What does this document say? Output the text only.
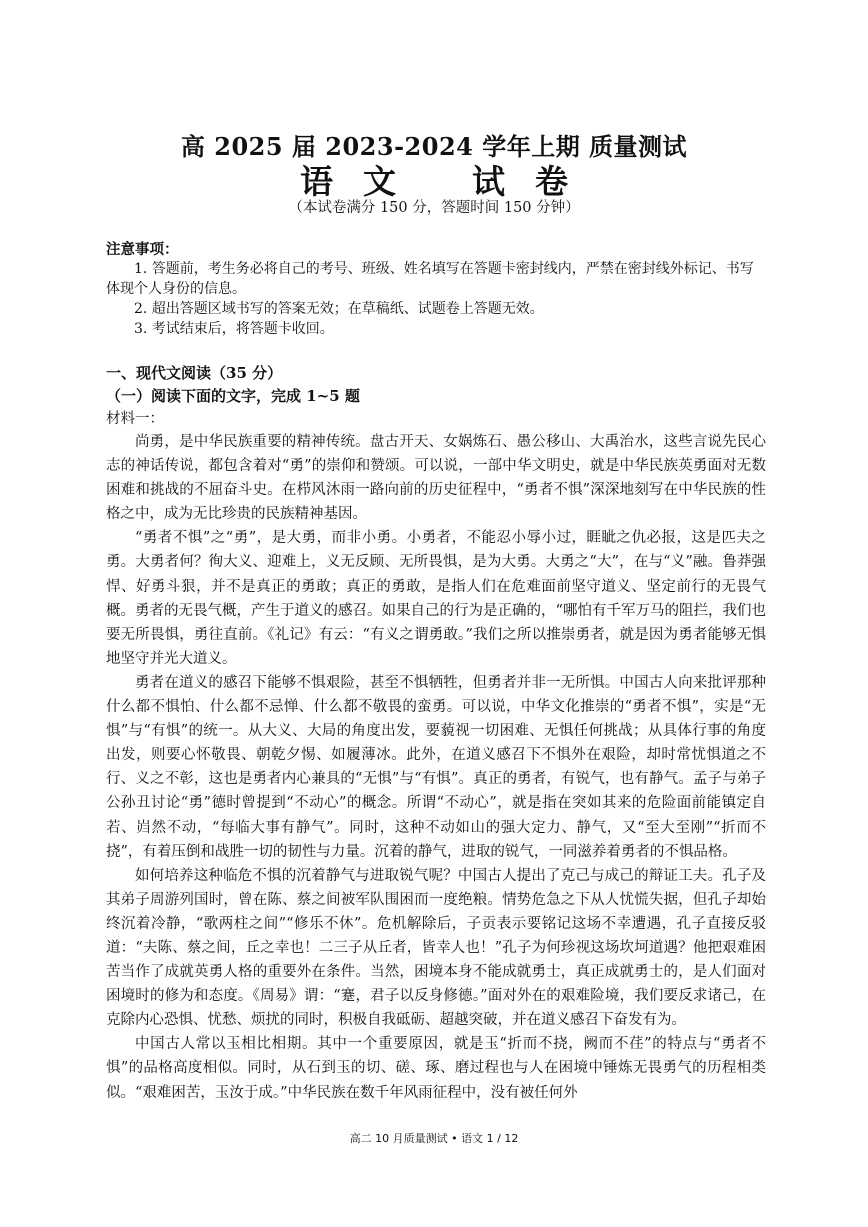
高 2025 届 2023-2024 学年上期 质量测试
语 文 试 卷
（本试卷满分 150 分，答题时间 150 分钟）
注意事项：
1. 答题前，考生务必将自己的考号、班级、姓名填写在答题卡密封线内，严禁在密封线外标记、书写体现个人身份的信息。
2. 超出答题区域书写的答案无效；在草稿纸、试题卷上答题无效。
3. 考试结束后，将答题卡收回。
一、现代文阅读（35 分）
（一）阅读下面的文字，完成 1~5 题
材料一：

尚勇，是中华民族重要的精神传统。盘古开天、女娲炼石、愚公移山、大禹治水，这些言说先民心志的神话传说，都包含着对“勇”的崇仰和赞颂。可以说，一部中华文明史，就是中华民族英勇面对无数困难和挑战的不屈奋斗史。在栉风沐雨一路向前的历史征程中，“勇者不惧”深深地刻写在中华民族的性格之中，成为无比珍贵的民族精神基因。

“勇者不惧”之“勇”，是大勇，而非小勇。小勇者，不能忍小辱小过，睚眦之仇必报，这是匹夫之勇。大勇者何？徇大义、迎难上，义无反顾、无所畏惧，是为大勇。大勇之“大”，在与“义”融。鲁莽强悍、好勇斗狠，并不是真正的勇敢；真正的勇敢，是指人们在危难面前坚守道义、坚定前行的无畏气概。勇者的无畏气概，产生于道义的感召。如果自己的行为是正确的，“哪怕有千军万马的阻拦，我们也要无所畏惧，勇往直前。《礼记》有云：“有义之谓勇敢。”我们之所以推崇勇者，就是因为勇者能够无惧地坚守并光大道义。

勇者在道义的感召下能够不惧艰险，甚至不惧牺牲，但勇者并非一无所惧。中国古人向来批评那种什么都不惧怕、什么都不忌惮、什么都不敬畏的蛮勇。可以说，中华文化推崇的“勇者不惧”，实是“无惧”与“有惧”的统一。从大义、大局的角度出发，要藐视一切困难、无惧任何挑战；从具体行事的角度出发，则要心怀敬畏、朝乾夕惕、如履薄冰。此外，在道义感召下不惧外在艰险，却时常忧惧道之不行、义之不彰，这也是勇者内心兼具的“无惧”与“有惧”。真正的勇者，有锐气，也有静气。孟子与弟子公孙丑讨论“勇”德时曾提到“不动心”的概念。所谓“不动心”，就是指在突如其来的危险面前能镇定自若、岿然不动，“每临大事有静气”。同时，这种不动如山的强大定力、静气，又“至大至刚”“折而不挠”，有着压倒和战胜一切的韧性与力量。沉着的静气，进取的锐气，一同滋养着勇者的不惧品格。

如何培养这种临危不惧的沉着静气与进取锐气呢？中国古人提出了克己与成己的辩证工夫。孔子及其弟子周游列国时，曾在陈、蔡之间被军队围困而一度绝粮。情势危急之下从人忧慌失据，但孔子却始终沉着冷静，“歌两柱之间”“修乐不休”。危机解除后，子贡表示要铭记这场不幸遭遇，孔子直接反驳道：“夫陈、蔡之间，丘之幸也！二三子从丘者，皆幸人也！”孔子为何珍视这场坎坷道遇？他把艰难困苦当作了成就英勇人格的重要外在条件。当然，困境本身不能成就勇士，真正成就勇士的，是人们面对困境时的修为和态度。《周易》谓：“蹇，君子以反身修德。”面对外在的艰难险境，我们要反求诸己，在克除内心恐惧、忧愁、烦扰的同时，积极自我砥砺、超越突破，并在道义感召下奋发有为。

中国古人常以玉相比相期。其中一个重要原因，就是玉“折而不挠，阙而不荏”的特点与“勇者不惧”的品格高度相似。同时，从石到玉的切、磋、琢、磨过程也与人在困境中锤炼无畏勇气的历程相类似。“艰难困苦，玉汝于成。”中华民族在数千年风雨征程中，没有被任何外

高二 10 月质量测试 • 语文 1 / 12
